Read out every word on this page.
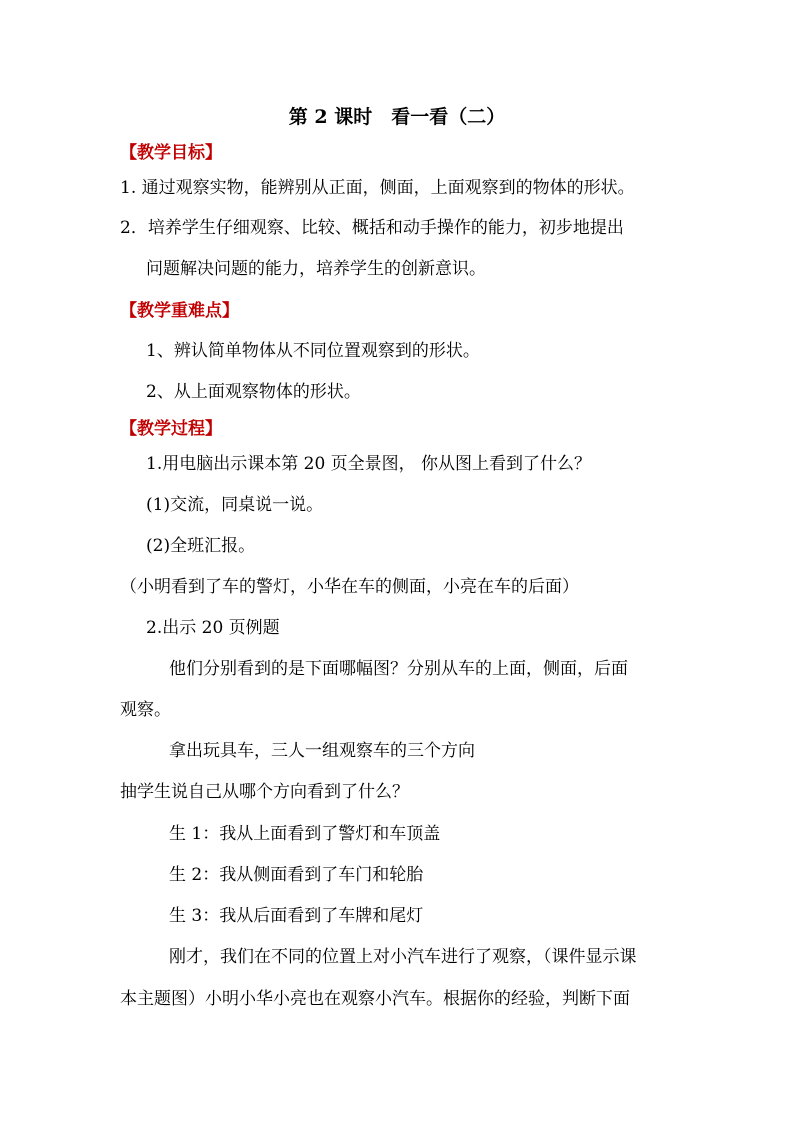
第 2 课时　看一看（二）
【教学目标】
1. 通过观察实物，能辨别从正面，侧面，上面观察到的物体的形状。
2．培养学生仔细观察、比较、概括和动手操作的能力，初步地提出
问题解决问题的能力，培养学生的创新意识。
【教学重难点】
1、辨认简单物体从不同位置观察到的形状。
2、从上面观察物体的形状。
【教学过程】
1.用电脑出示课本第 20 页全景图， 你从图上看到了什么？
(1)交流，同桌说一说。
(2)全班汇报。
（小明看到了车的警灯，小华在车的侧面，小亮在车的后面）
2.出示 20 页例题
他们分别看到的是下面哪幅图？分别从车的上面，侧面，后面
观察。
拿出玩具车，三人一组观察车的三个方向
抽学生说自己从哪个方向看到了什么？
生 1：我从上面看到了警灯和车顶盖
生 2：我从侧面看到了车门和轮胎
生 3：我从后面看到了车牌和尾灯
刚才，我们在不同的位置上对小汽车进行了观察，（课件显示课
本主题图）小明小华小亮也在观察小汽车。根据你的经验，判断下面
